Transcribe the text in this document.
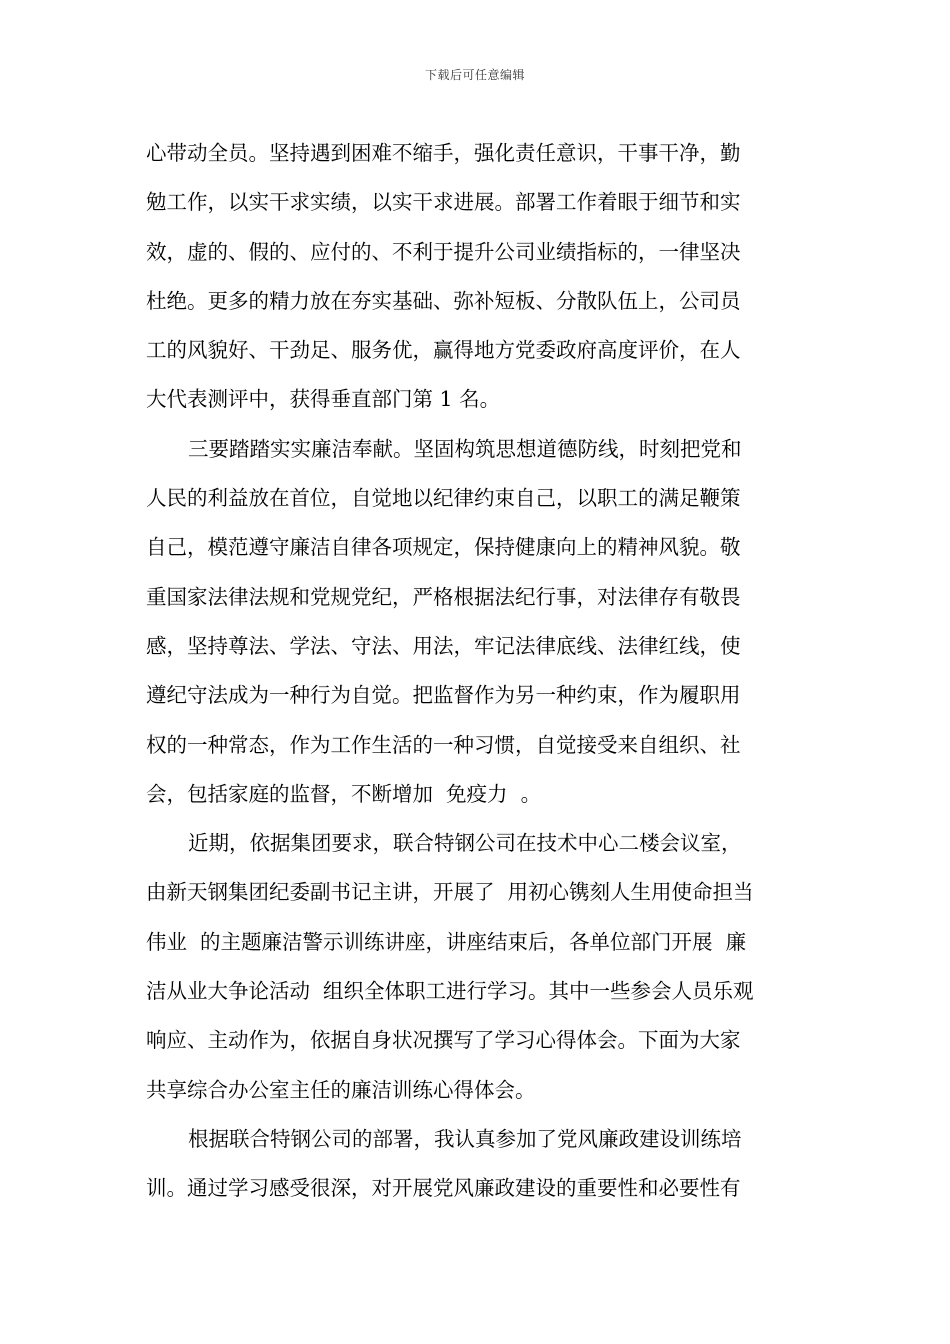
下载后可任意编辑
心带动全员。坚持遇到困难不缩手，强化责任意识，干事干净，勤
勉工作，以实干求实绩，以实干求进展。部署工作着眼于细节和实
效，虚的、假的、应付的、不利于提升公司业绩指标的，一律坚决
杜绝。更多的精力放在夯实基础、弥补短板、分散队伍上，公司员
工的风貌好、干劲足、服务优，赢得地方党委政府高度评价，在人
大代表测评中，获得垂直部门第 1 名。
三要踏踏实实廉洁奉献。坚固构筑思想道德防线，时刻把党和
人民的利益放在首位，自觉地以纪律约束自己，以职工的满足鞭策
自己，模范遵守廉洁自律各项规定，保持健康向上的精神风貌。敬
重国家法律法规和党规党纪，严格根据法纪行事，对法律存有敬畏
感，坚持尊法、学法、守法、用法，牢记法律底线、法律红线，使
遵纪守法成为一种行为自觉。把监督作为另一种约束，作为履职用
权的一种常态，作为工作生活的一种习惯，自觉接受来自组织、社
会，包括家庭的监督，不断增加  免疫力  。
近期，依据集团要求，联合特钢公司在技术中心二楼会议室，
由新天钢集团纪委副书记主讲，开展了  用初心镌刻人生用使命担当
伟业  的主题廉洁警示训练讲座，讲座结束后，各单位部门开展  廉
洁从业大争论活动  组织全体职工进行学习。其中一些参会人员乐观
响应、主动作为，依据自身状况撰写了学习心得体会。下面为大家
共享综合办公室主任的廉洁训练心得体会。
根据联合特钢公司的部署，我认真参加了党风廉政建设训练培
训。通过学习感受很深，对开展党风廉政建设的重要性和必要性有
